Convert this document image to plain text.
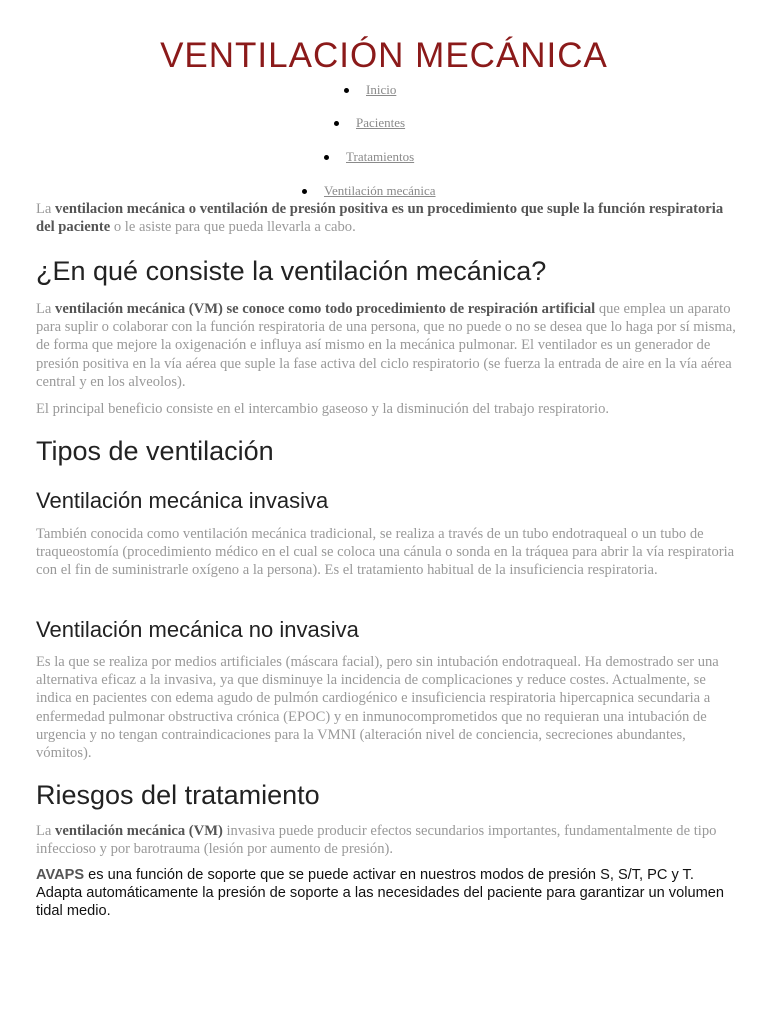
VENTILACIÓN MECÁNICA
Inicio
Pacientes
Tratamientos
Ventilación mecánica

La ventilacion mecánica o ventilación de presión positiva es un procedimiento que suple la función respiratoria del paciente o le asiste para que pueda llevarla a cabo.

¿En qué consiste la ventilación mecánica?

La ventilación mecánica (VM) se conoce como todo procedimiento de respiración artificial que emplea un aparato para suplir o colaborar con la función respiratoria de una persona, que no puede o no se desea que lo haga por sí misma, de forma que mejore la oxigenación e influya así mismo en la mecánica pulmonar. El ventilador es un generador de presión positiva en la vía aérea que suple la fase activa del ciclo respiratorio (se fuerza la entrada de aire en la vía aérea central y en los alveolos).

El principal beneficio consiste en el intercambio gaseoso y la disminución del trabajo respiratorio.

Tipos de ventilación
Ventilación mecánica invasiva

También conocida como ventilación mecánica tradicional, se realiza a través de un tubo endotraqueal o un tubo de traqueostomía (procedimiento médico en el cual se coloca una cánula o sonda en la tráquea para abrir la vía respiratoria con el fin de suministrarle oxígeno a la persona). Es el tratamiento habitual de la insuficiencia respiratoria.

Ventilación mecánica no invasiva

Es la que se realiza por medios artificiales (máscara facial), pero sin intubación endotraqueal. Ha demostrado ser una alternativa eficaz a la invasiva, ya que disminuye la incidencia de complicaciones y reduce costes. Actualmente, se indica en pacientes con edema agudo de pulmón cardiogénico e insuficiencia respiratoria hipercapnica secundaria a enfermedad pulmonar obstructiva crónica (EPOC) y en inmunocomprometidos que no requieran una intubación de urgencia y no tengan contraindicaciones para la VMNI (alteración nivel de conciencia, secreciones abundantes, vómitos).

Riesgos del tratamiento

La ventilación mecánica (VM) invasiva puede producir efectos secundarios importantes, fundamentalmente de tipo infeccioso y por barotrauma (lesión por aumento de presión).

AVAPS es una función de soporte que se puede activar en nuestros modos de presión S, S/T, PC y T. Adapta automáticamente la presión de soporte a las necesidades del paciente para garantizar un volumen tidal medio.
